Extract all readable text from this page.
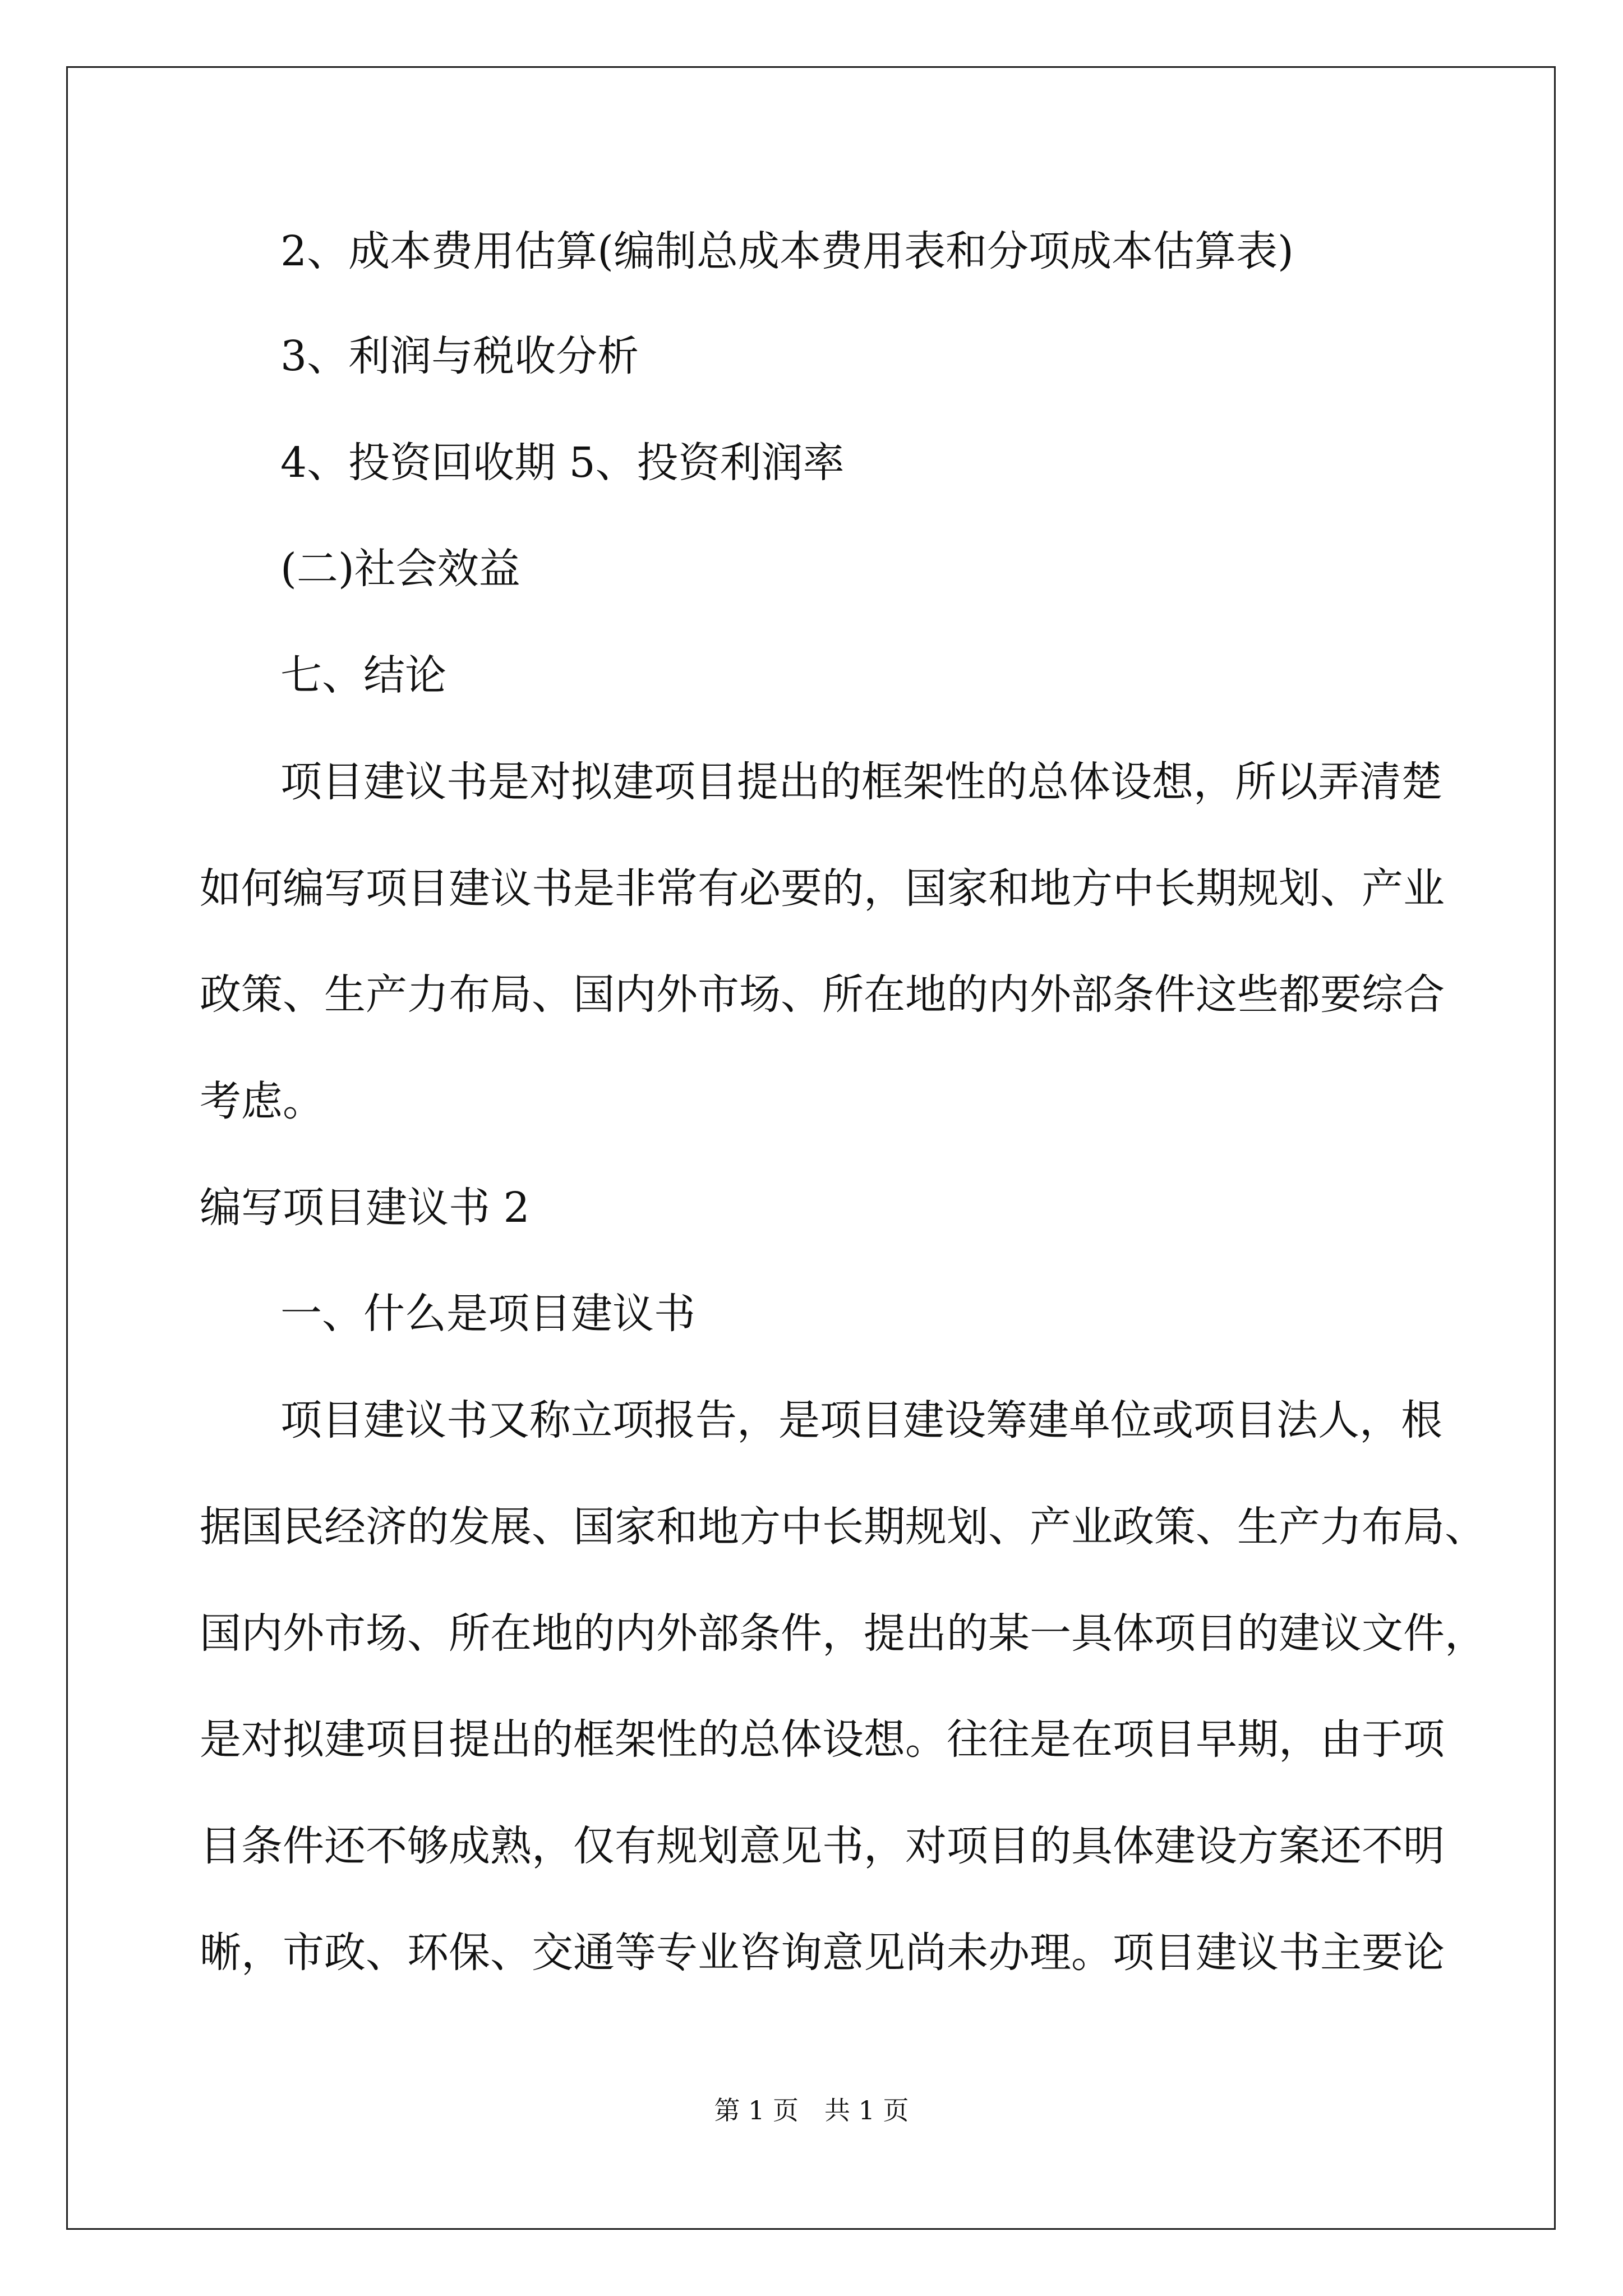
2、成本费用估算(编制总成本费用表和分项成本估算表)
3、利润与税收分析
4、投资回收期 5、投资利润率
(二)社会效益
七、结论
项目建议书是对拟建项目提出的框架性的总体设想，所以弄清楚
如何编写项目建议书是非常有必要的，国家和地方中长期规划、产业
政策、生产力布局、国内外市场、所在地的内外部条件这些都要综合
考虑。
编写项目建议书 2
一、什么是项目建议书
项目建议书又称立项报告，是项目建设筹建单位或项目法人，根
据国民经济的发展、国家和地方中长期规划、产业政策、生产力布局、
国内外市场、所在地的内外部条件，提出的某一具体项目的建议文件，
是对拟建项目提出的框架性的总体设想。往往是在项目早期，由于项
目条件还不够成熟，仅有规划意见书，对项目的具体建设方案还不明
晰，市政、环保、交通等专业咨询意见尚未办理。项目建议书主要论
第 1 页　共 1 页
